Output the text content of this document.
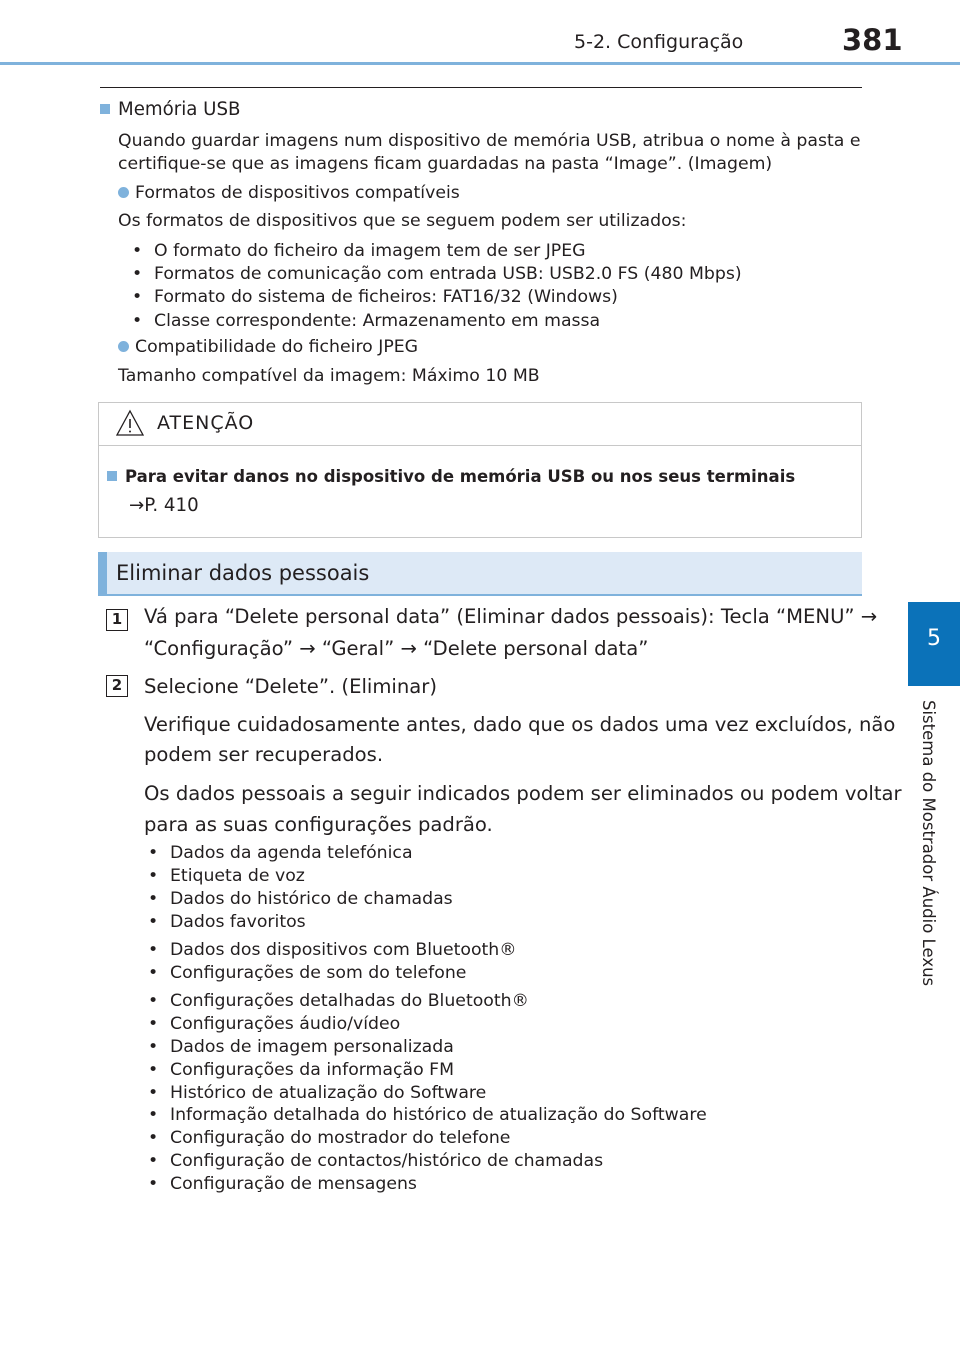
5-2. Configuração	381
5
Sistema do Mostrador Áudio Lexus
Memória USB
Quando guardar imagens num dispositivo de memória USB, atribua o nome à pasta e
certifique-se que as imagens ficam guardadas na pasta “Image”. (Imagem)
Formatos de dispositivos compatíveis
Os formatos de dispositivos que se seguem podem ser utilizados:
• O formato do ficheiro da imagem tem de ser JPEG
• Formatos de comunicação com entrada USB: USB2.0 FS (480 Mbps)
• Formato do sistema de ficheiros: FAT16/32 (Windows)
• Classe correspondente: Armazenamento em massa
Compatibilidade do ficheiro JPEG
Tamanho compatível da imagem: Máximo 10 MB
ATENÇÃO
Para evitar danos no dispositivo de memória USB ou nos seus terminais
→P. 410
Eliminar dados pessoais
1 Vá para “Delete personal data” (Eliminar dados pessoais): Tecla “MENU” →
“Configuração” → “Geral” → “Delete personal data”
2 Selecione “Delete”. (Eliminar)
Verifique cuidadosamente antes, dado que os dados uma vez excluídos, não
podem ser recuperados.
Os dados pessoais a seguir indicados podem ser eliminados ou podem voltar
para as suas configurações padrão.
• Dados da agenda telefónica
• Etiqueta de voz
• Dados do histórico de chamadas
• Dados favoritos
• Dados dos dispositivos com Bluetooth®
• Configurações de som do telefone
• Configurações detalhadas do Bluetooth®
• Configurações áudio/vídeo
• Dados de imagem personalizada
• Configurações da informação FM
• Histórico de atualização do Software
• Informação detalhada do histórico de atualização do Software
• Configuração do mostrador do telefone
• Configuração de contactos/histórico de chamadas
• Configuração de mensagens
